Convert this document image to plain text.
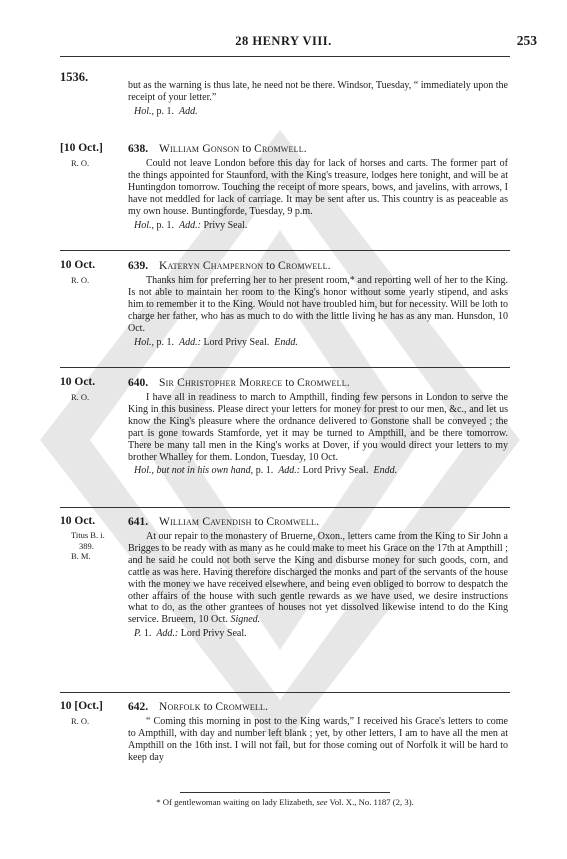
28 HENRY VIII.	253
1536.

but as the warning is thus late, he need not be there. Windsor, Tuesday, “ immediately upon the receipt of your letter.”

Hol., p. 1. Add.
[10 Oct.]
R. O.
638. William Gonson to Cromwell.

Could not leave London before this day for lack of horses and carts. The former part of the things appointed for Staunford, with the King's treasure, lodges here tonight, and will be at Huntingdon tomorrow. Touching the receipt of more spears, bows, and javelins, with arrows, I have not meddled for lack of carriage. It may be sent after us. This country is as peaceable as my own house. Buntingforde, Tuesday, 9 p.m.

Hol., p. 1. Add.: Privy Seal.
10 Oct.
R. O.
639. Kateryn Champernon to Cromwell.

Thanks him for preferring her to her present room,* and reporting well of her to the King. Is not able to maintain her room to the King's honor without some yearly stipend, and asks him to remember it to the King. Would not have troubled him, but for necessity. Will be loth to charge her father, who has as much to do with the little living he has as any man. Hunsdon, 10 Oct.

Hol., p. 1. Add.: Lord Privy Seal. Endd.
10 Oct.
R. O.
640. Sir Christopher Morrece to Cromwell.

I have all in readiness to march to Ampthill, finding few persons in London to serve the King in this business. Please direct your letters for money for prest to our men, &c., and let us know the King's pleasure where the ordnance delivered to Gonstone shall be conveyed ; the part is gone towards Stamforde, yet it may be turned to Ampthill, and be there tomorrow. There be many tall men in the King's works at Dover, if you would direct your letters to my brother Whalley for them. London, Tuesday, 10 Oct.

Hol., but not in his own hand, p. 1. Add.: Lord Privy Seal. Endd.
10 Oct.
Titus B. i.
389.
B. M.
641. William Cavendish to Cromwell.

At our repair to the monastery of Bruerne, Oxon., letters came from the King to Sir John a Brigges to be ready with as many as he could make to meet his Grace on the 17th at Ampthill ; and he said he could not both serve the King and disburse money for such goods, corn, and cattle as was here. Having therefore discharged the monks and part of the servants of the house with the money we have received elsewhere, and being even obliged to borrow to despatch the other affairs of the house with such gentle rewards as we have used, we desire instructions what to do, as the other grantees of houses not yet dissolved likewise intend to do the King service. Brueern, 10 Oct. Signed.

P. 1. Add.: Lord Privy Seal.
10 [Oct.]
R. O.
642. Norfolk to Cromwell.

“ Coming this morning in post to the King wards,” I received his Grace's letters to come to Ampthill, with day and number left blank ; yet, by other letters, I am to have all the men at Ampthill on the 16th inst. I will not fail, but for those coming out of Norfolk it will be hard to keep day

* Of gentlewoman waiting on lady Elizabeth, see Vol. X., No. 1187 (2, 3).
